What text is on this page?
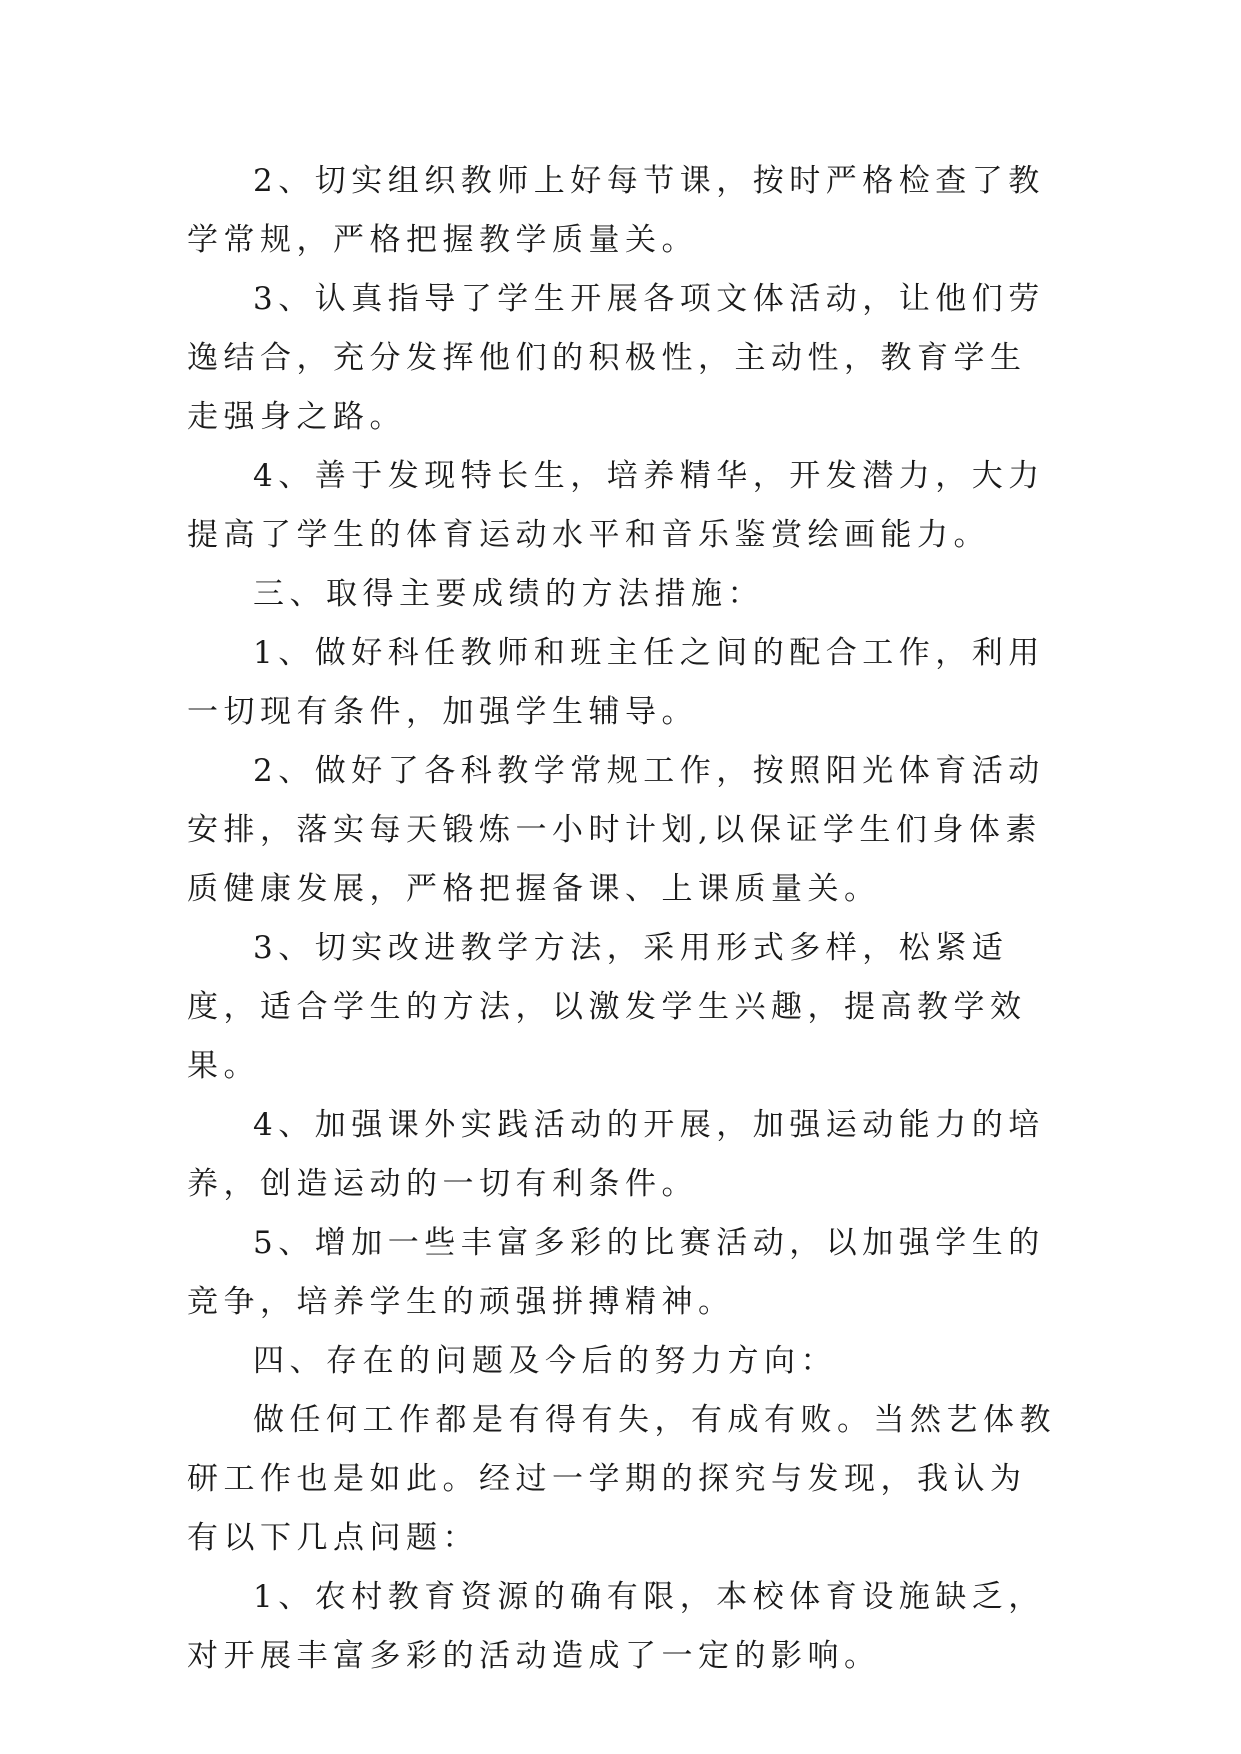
2、切实组织教师上好每节课，按时严格检查了教学常规，严格把握教学质量关。

3、认真指导了学生开展各项文体活动，让他们劳逸结合，充分发挥他们的积极性，主动性，教育学生走强身之路。

4、善于发现特长生，培养精华，开发潜力，大力提高了学生的体育运动水平和音乐鉴赏绘画能力。

三、取得主要成绩的方法措施：

1、做好科任教师和班主任之间的配合工作，利用一切现有条件，加强学生辅导。

2、做好了各科教学常规工作，按照阳光体育活动安排，落实每天锻炼一小时计划,以保证学生们身体素质健康发展，严格把握备课、上课质量关。

3、切实改进教学方法，采用形式多样，松紧适度，适合学生的方法，以激发学生兴趣，提高教学效果。

4、加强课外实践活动的开展，加强运动能力的培养，创造运动的一切有利条件。

5、增加一些丰富多彩的比赛活动，以加强学生的竞争，培养学生的顽强拼搏精神。

四、存在的问题及今后的努力方向：

做任何工作都是有得有失，有成有败。当然艺体教研工作也是如此。经过一学期的探究与发现，我认为有以下几点问题：

1、农村教育资源的确有限，本校体育设施缺乏，对开展丰富多彩的活动造成了一定的影响。
